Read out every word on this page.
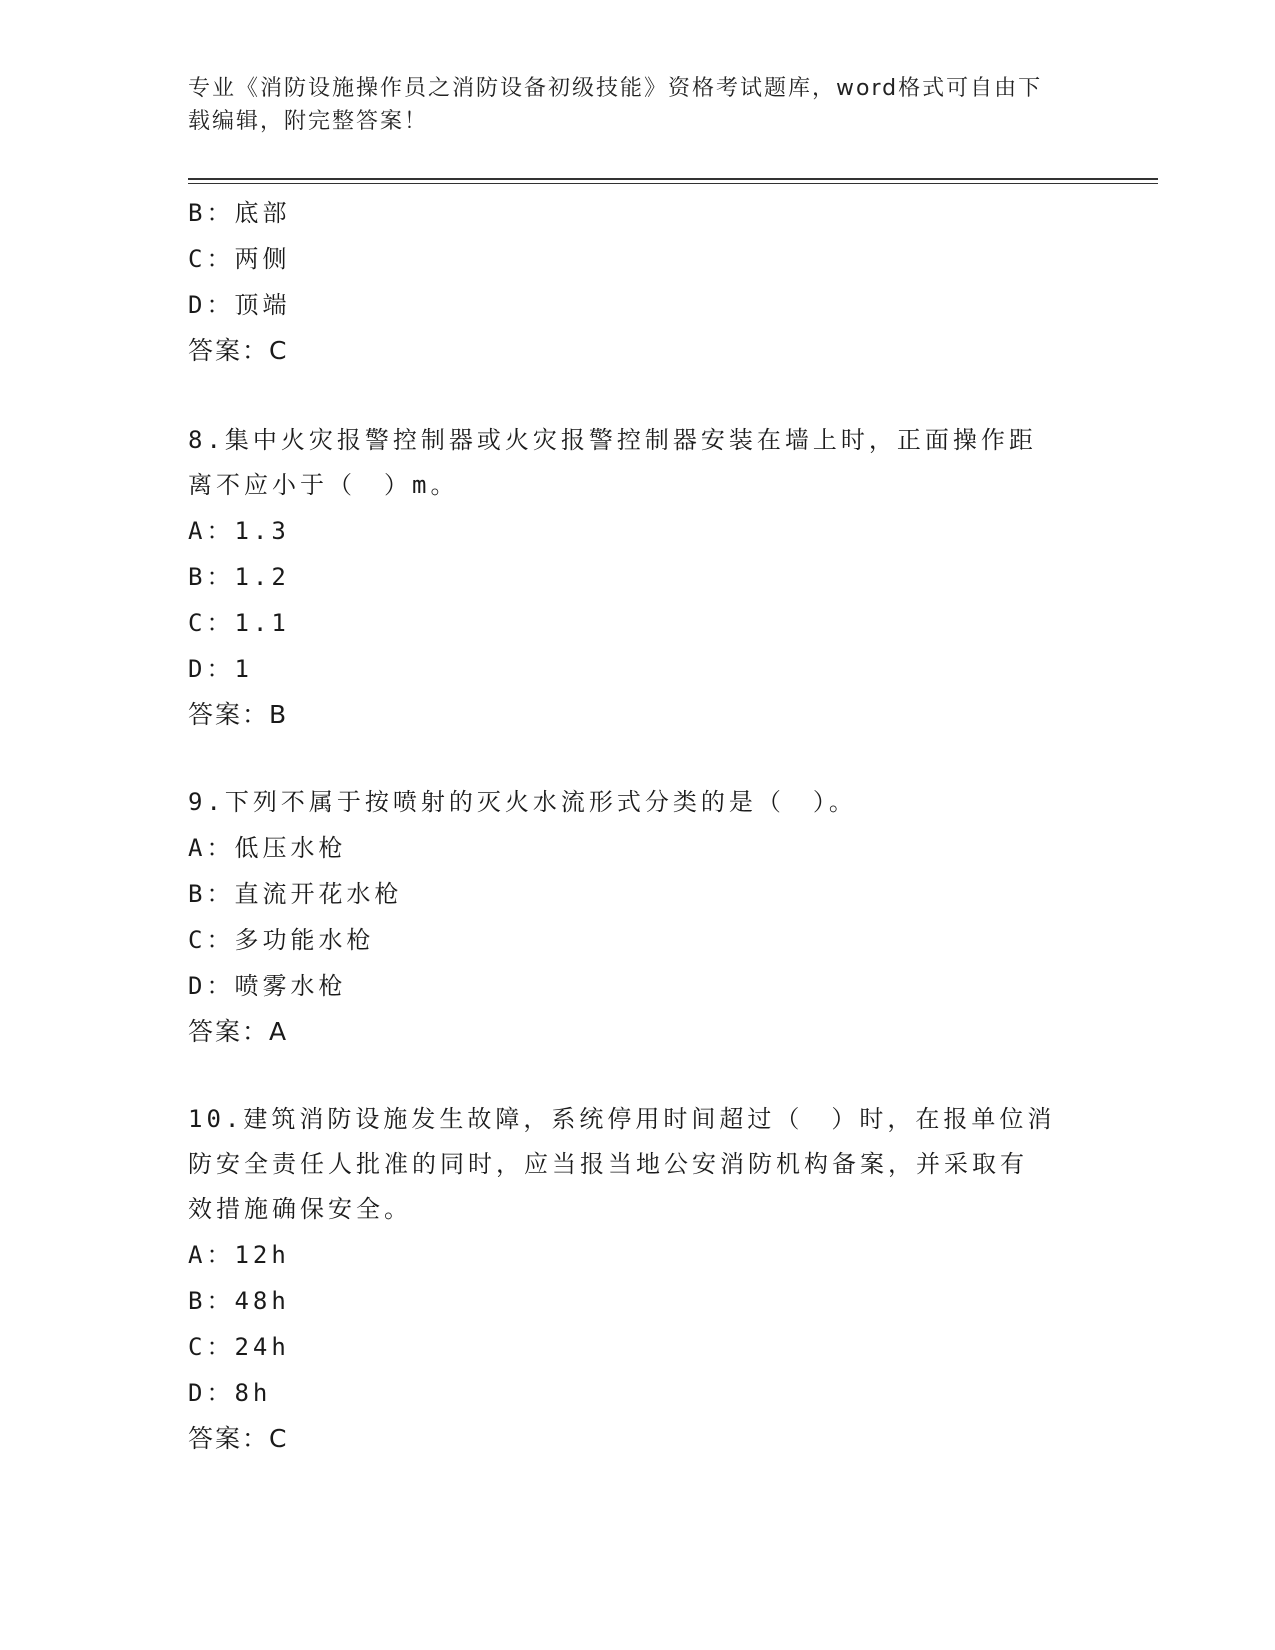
专业《消防设施操作员之消防设备初级技能》资格考试题库，word格式可自由下
载编辑，附完整答案！
B：底部
C：两侧
D：顶端
答案：C
8.集中火灾报警控制器或火灾报警控制器安装在墙上时，正面操作距
离不应小于（　）m。
A：1.3
B：1.2
C：1.1
D：1
答案：B
9.下列不属于按喷射的灭火水流形式分类的是（　）。
A：低压水枪
B：直流开花水枪
C：多功能水枪
D：喷雾水枪
答案：A
10.建筑消防设施发生故障，系统停用时间超过（　）时，在报单位消
防安全责任人批准的同时，应当报当地公安消防机构备案，并采取有
效措施确保安全。
A：12h
B：48h
C：24h
D：8h
答案：C
